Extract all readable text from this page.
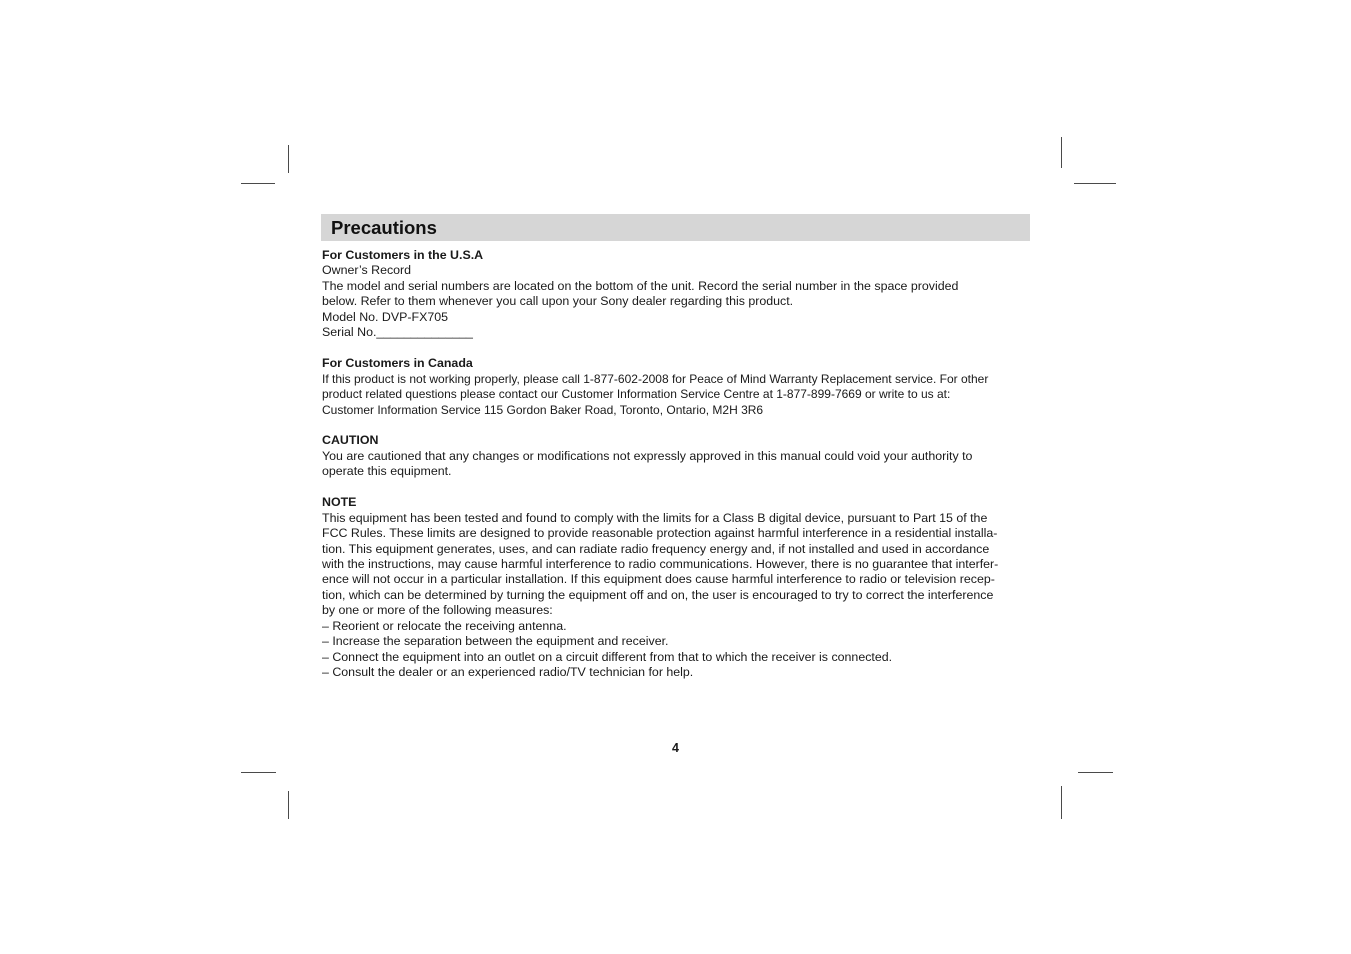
Precautions

For Customers in the U.S.A

Owner’s Record

The model and serial numbers are located on the bottom of the unit. Record the serial number in the space provided

below. Refer to them whenever you call upon your Sony dealer regarding this product.

Model No. DVP-FX705

Serial No.______________

For Customers in Canada

If this product is not working properly, please call 1-877-602-2008 for Peace of Mind Warranty Replacement service. For other

product related questions please contact our Customer Information Service Centre at 1-877-899-7669 or write to us at:

Customer Information Service 115 Gordon Baker Road, Toronto, Ontario, M2H 3R6

CAUTION

You are cautioned that any changes or modifications not expressly approved in this manual could void your authority to

operate this equipment.

NOTE

This equipment has been tested and found to comply with the limits for a Class B digital device, pursuant to Part 15 of the

FCC Rules. These limits are designed to provide reasonable protection against harmful interference in a residential installa-

tion. This equipment generates, uses, and can radiate radio frequency energy and, if not installed and used in accordance

with the instructions, may cause harmful interference to radio communications. However, there is no guarantee that interfer-

ence will not occur in a particular installation. If this equipment does cause harmful interference to radio or television recep-

tion, which can be determined by turning the equipment off and on, the user is encouraged to try to correct the interference

by one or more of the following measures:

– Reorient or relocate the receiving antenna.

– Increase the separation between the equipment and receiver.

– Connect the equipment into an outlet on a circuit different from that to which the receiver is connected.

– Consult the dealer or an experienced radio/TV technician for help.

4
